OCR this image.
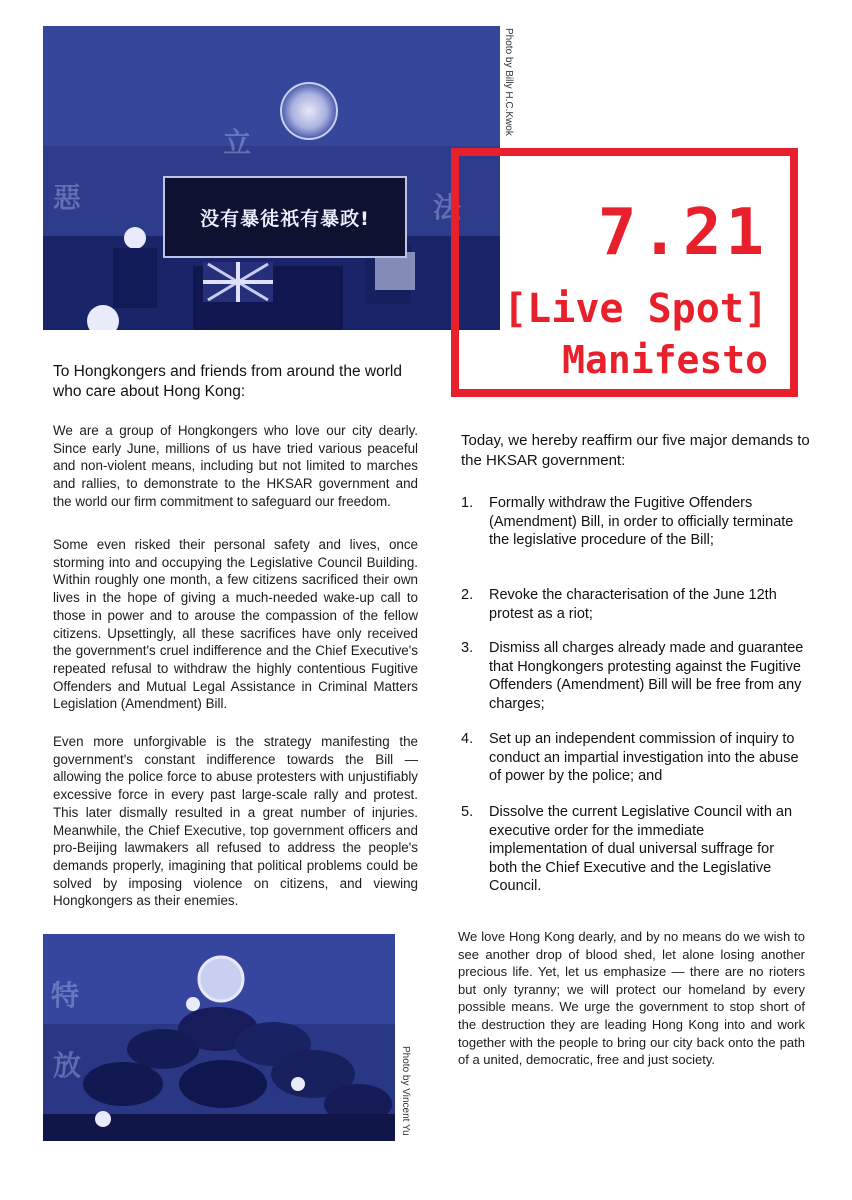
立
惡	法
没有暴徒祇有暴政!
Photo by Billy H.C.Kwok
7.21
[Live Spot]
Manifesto
To Hongkongers and friends from around the world who care about Hong Kong:
We are a group of Hongkongers who love our city dearly. Since early June, millions of us have tried various peaceful and non-violent means, including but not limited to marches and rallies, to demonstrate to the HKSAR government and the world our firm commitment to safeguard our freedom.
Some even risked their personal safety and lives, once storming into and occupying the Legislative Council Building. Within roughly one month, a few citizens sacrificed their own lives in the hope of giving a much-needed wake-up call to those in power and to arouse the compassion of the fellow citizens. Upsettingly, all these sacrifices have only received the government's cruel indifference and the Chief Executive's repeated refusal to withdraw the highly contentious Fugitive Offenders and Mutual Legal Assistance in Criminal Matters Legislation (Amendment) Bill.
Even more unforgivable is the strategy manifesting the government's constant indifference towards the Bill — allowing the police force to abuse protesters with unjustifiably excessive force in every past large-scale rally and protest. This later dismally resulted in a great number of injuries. Meanwhile, the Chief Executive, top government officers and pro-Beijing lawmakers all refused to address the people's demands properly, imagining that political problems could be solved by imposing violence on citizens, and viewing Hongkongers as their enemies.
特
放	Photo by Vincent Yu
Today, we hereby reaffirm our five major demands to the HKSAR government:
1.	Formally withdraw the Fugitive Offenders (Amendment) Bill, in order to officially terminate the legislative procedure of the Bill;
2.	Revoke the characterisation of the June 12th protest as a riot;
3.	Dismiss all charges already made and guarantee that Hongkongers protesting against the Fugitive Offenders (Amendment) Bill will be free from any charges;
4.	Set up an independent commission of inquiry to conduct an impartial investigation into the abuse of power by the police; and
5.	Dissolve the current Legislative Council with an executive order for the immediate implementation of dual universal suffrage for both the Chief Executive and the Legislative Council.
We love Hong Kong dearly, and by no means do we wish to see another drop of blood shed, let alone losing another precious life. Yet, let us emphasize — there are no rioters but only tyranny; we will protect our homeland by every possible means. We urge the government to stop short of the destruction they are leading Hong Kong into and work together with the people to bring our city back onto the path of a united, democratic, free and just society.
